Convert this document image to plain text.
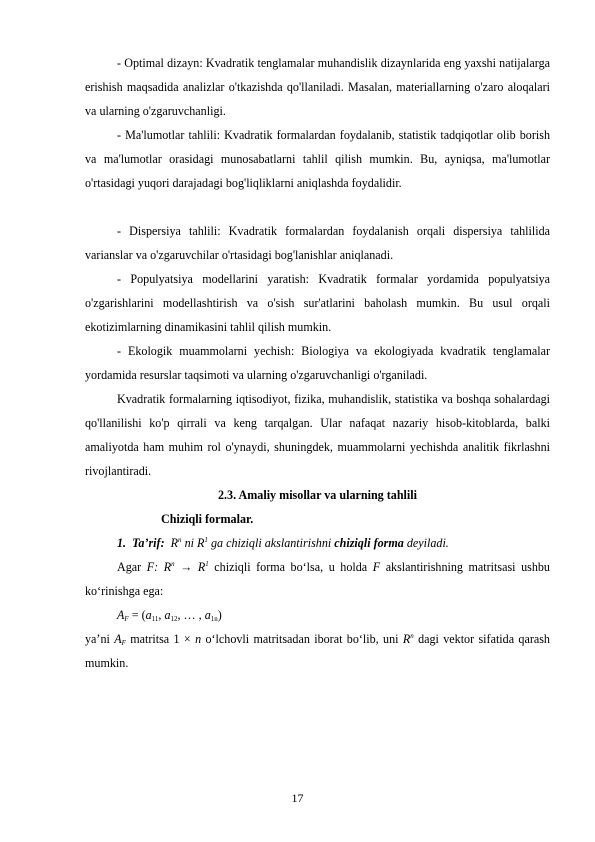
- Optimal dizayn: Kvadratik tenglamalar muhandislik dizaynlarida eng yaxshi natijalarga erishish maqsadida analizlar o'tkazishda qo'llaniladi. Masalan, materiallarning o'zaro aloqalari va ularning o'zgaruvchanligi.

- Ma'lumotlar tahlili: Kvadratik formalardan foydalanib, statistik tadqiqotlar olib borish va ma'lumotlar orasidagi munosabatlarni tahlil qilish mumkin. Bu, ayniqsa, ma'lumotlar o'rtasidagi yuqori darajadagi bog'liqliklarni aniqlashda foydalidir.

- Dispersiya tahlili: Kvadratik formalardan foydalanish orqali dispersiya tahlilida varianslar va o'zgaruvchilar o'rtasidagi bog'lanishlar aniqlanadi.

- Populyatsiya modellarini yaratish: Kvadratik formalar yordamida populyatsiya o'zgarishlarini modellashtirish va o'sish sur'atlarini baholash mumkin. Bu usul orqali ekotizimlarning dinamikasini tahlil qilish mumkin.

- Ekologik muammolarni yechish: Biologiya va ekologiyada kvadratik tenglamalar yordamida resurslar taqsimoti va ularning o'zgaruvchanligi o'rganiladi.

Kvadratik formalarning iqtisodiyot, fizika, muhandislik, statistika va boshqa sohalardagi qo'llanilishi ko'p qirrali va keng tarqalgan. Ular nafaqat nazariy hisob-kitoblarda, balki amaliyotda ham muhim rol o'ynaydi, shuningdek, muammolarni yechishda analitik fikrlashni rivojlantiradi.

2.3. Amaliy misollar va ularning tahlili

Chiziqli formalar.

1. Ta’rif: $R^n$ ni $R^1$ ga chiziqli akslantirishni chiziqli forma deyiladi.

Agar F: $R^n \to R^1$ chiziqli forma bo‘lsa, u holda F akslantirishning matritsasi ushbu ko‘rinishga ega:

$A_F = (a_{11}$, $a_{12}$, … , $a_{1n}$)

ya’ni $A_F$ matritsa 1 × n o‘lchovli matritsadan iborat bo‘lib, uni $R^n$ dagi vektor sifatida qarash mumkin.

17
